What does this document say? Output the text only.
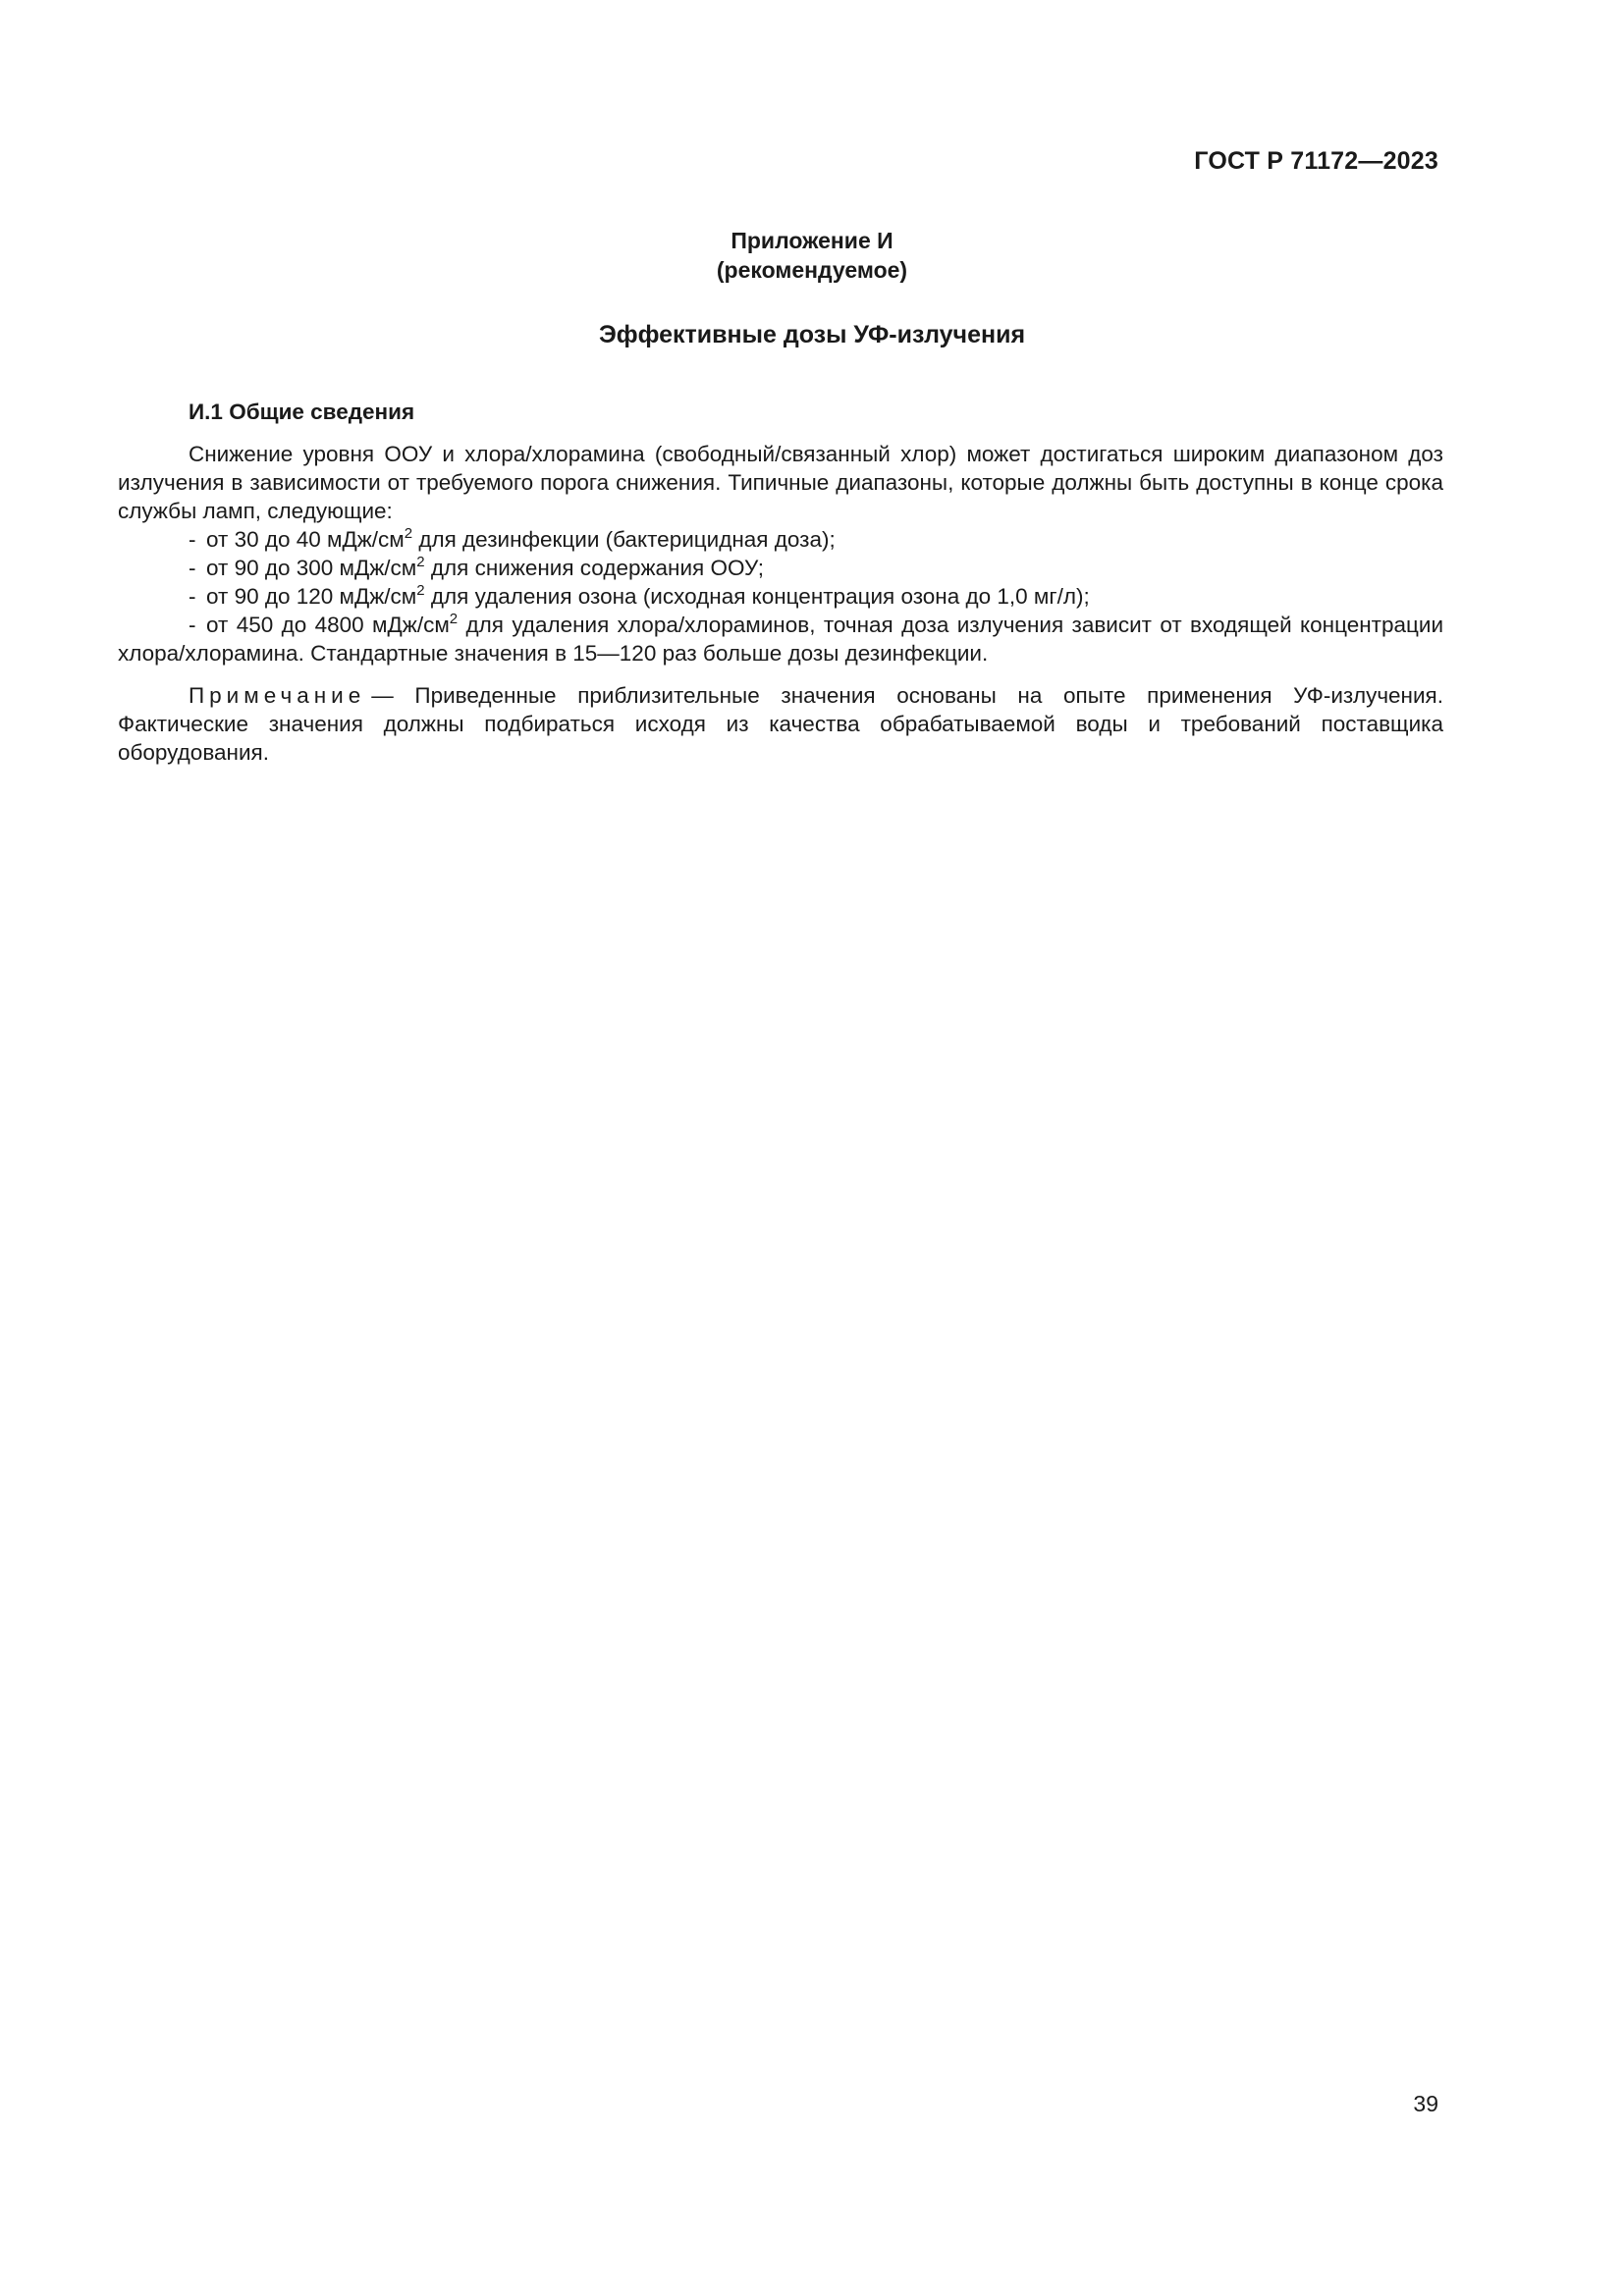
ГОСТ Р 71172—2023
Приложение И
(рекомендуемое)
Эффективные дозы УФ-излучения
И.1 Общие сведения

Снижение уровня ООУ и хлора/хлорамина (свободный/связанный хлор) может достигаться широким диапазоном доз излучения в зависимости от требуемого порога снижения. Типичные диапазоны, которые должны быть доступны в конце срока службы ламп, следующие:

- от 30 до 40 мДж/$см^2$ для дезинфекции (бактерицидная доза);
- от 90 до 300 мДж/$см^2$ для снижения содержания ООУ;
- от 90 до 120 мДж/$см^2$ для удаления озона (исходная концентрация озона до 1,0 мг/л);
- от 450 до 4800 мДж/$см^2$ для удаления хлора/хлораминов, точная доза излучения зависит от входящей концентрации хлора/хлорамина. Стандартные значения в 15—120 раз больше дозы дезинфекции.

Примечание — Приведенные приблизительные значения основаны на опыте применения УФ-излучения. Фактические значения должны подбираться исходя из качества обрабатываемой воды и требований поставщика оборудования.

39
